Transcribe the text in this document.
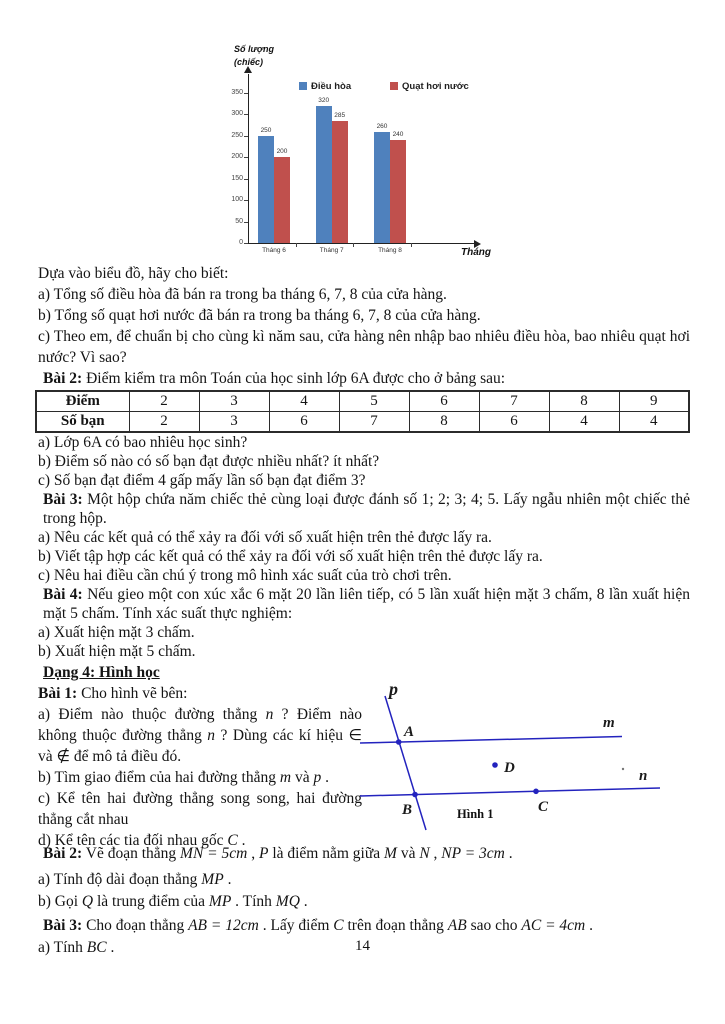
Số lượng
(chiếc)
Điều hòa	Quạt hơi nước
Tháng
0
50
100
150
200
250
300
350
250
320
260
200
285
240
Tháng 6	Tháng 7	Tháng 8

Dựa vào biểu đồ, hãy cho biết:

a) Tổng số điều hòa đã bán ra trong ba tháng 6, 7, 8 của cửa hàng.

b) Tổng số quạt hơi nước đã bán ra trong ba tháng 6, 7, 8 của cửa hàng.

c) Theo em, để chuẩn bị cho cùng kì năm sau, cửa hàng nên nhập bao nhiêu điều hòa, bao nhiêu quạt hơi nước? Vì sao?

Bài 2: Điểm kiểm tra môn Toán của học sinh lớp 6A được cho ở bảng sau:

Điểm	2	3	4	5	6	7	8	9
Số bạn	2	3	6	7	8	6	4	4

a) Lớp 6A có bao nhiêu học sinh?

b) Điểm số nào có số bạn đạt được nhiều nhất? ít nhất?

c) Số bạn đạt điểm 4 gấp mấy lần số bạn đạt điểm 3?

Bài 3: Một hộp chứa năm chiếc thẻ cùng loại được đánh số 1; 2; 3; 4; 5. Lấy ngẫu nhiên một chiếc thẻ trong hộp.

a) Nêu các kết quả có thể xảy ra đối với số xuất hiện trên thẻ được lấy ra.

b) Viết tập hợp các kết quả có thể xảy ra đối với số xuất hiện trên thẻ được lấy ra.

c) Nêu hai điều cần chú ý trong mô hình xác suất của trò chơi trên.

Bài 4: Nếu gieo một con xúc xắc 6 mặt 20 lần liên tiếp, có 5 lần xuất hiện mặt 3 chấm, 8 lần xuất hiện mặt 5 chấm. Tính xác suất thực nghiệm:

a) Xuất hiện mặt 3 chấm.

b) Xuất hiện mặt 5 chấm.

Dạng 4: Hình học

Bài 1: Cho hình vẽ bên:

a) Điểm nào thuộc đường thẳng n ? Điểm nào không thuộc đường thẳng n ? Dùng các kí hiệu ∈ và ∉ để mô tả điều đó.

b) Tìm giao điểm của hai đường thẳng m và p .

c) Kể tên hai đường thẳng song song, hai đường thẳng cắt nhau

d) Kể tên các tia đối nhau gốc C .

p
A
m
D	n
B	C
Hình 1

Bài 2: Vẽ đoạn thẳng MN = 5cm , P là điểm nằm giữa M và N , NP = 3cm .

a) Tính độ dài đoạn thẳng MP .

b) Gọi Q là trung điểm của MP . Tính MQ .

Bài 3: Cho đoạn thẳng AB = 12cm . Lấy điểm C trên đoạn thẳng AB sao cho AC = 4cm .

a) Tính BC .	14
